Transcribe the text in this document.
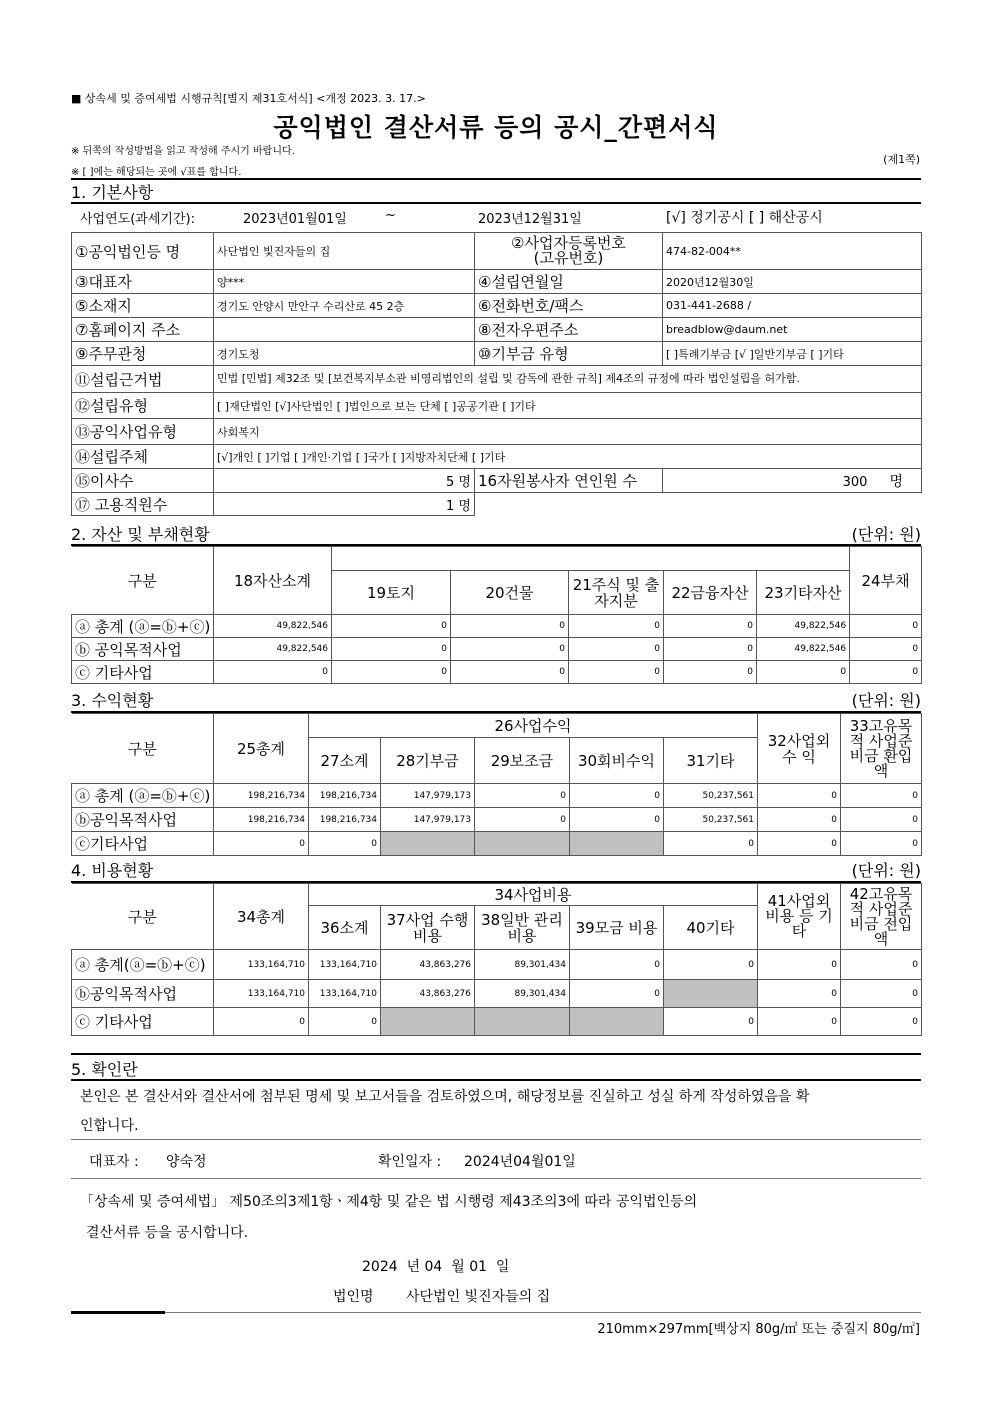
■ 상속세 및 증여세법 시행규칙[별지 제31호서식] <개정 2023. 3. 17.>
공익법인 결산서류 등의 공시_간편서식
※ 뒤쪽의 작성방법을 읽고 작성해 주시기 바랍니다.
※ [ ]에는 해당되는 곳에 √표를 합니다.
(제1쪽)
1. 기본사항
사업연도(과세기간):	2023년01월01일	~	2023년12월31일	[√] 정기공시 [ ] 해산공시
①공익법인등 명	사단법인 빛진자들의 집	②사업자등록번호
(고유번호)	474-82-004**
③대표자	양***	④설립연월일	2020년12월30일
⑤소재지	경기도 안양시 만안구 수리산로 45 2층	⑥전화번호/팩스	031-441-2688 /
⑦홈페이지 주소		⑧전자우편주소	breadblow@daum.net
⑨주무관청	경기도청	⑩기부금 유형	[ ]특례기부금 [√ ]일반기부금 [ ]기타
⑪설립근거법	민법 [민법] 제32조 및 [보건복지부소관 비영리법인의 설립 및 감독에 관한 규칙] 제4조의 규정에 따라 법인설립을 허가함.		
⑫설립유형	[ ]재단법인 [√]사단법인 [ ]법인으로 보는 단체 [ ]공공기관 [ ]기타		
⑬공익사업유형	사회복지		
⑭설립주체	[√]개인 [ ]기업 [ ]개인·기업 [ ]국가 [ ]지방자치단체 [ ]기타		
⑮이사수	5 명	16자원봉사자 연인원 수	300 명
⑰ 고용직원수	1 명		
2. 자산 및 부채현황	(단위: 원)
구분	18자산소계						24부채
		19토지	20건물	21주식 및 출자지분	22금융자산	23기타자산	
ⓐ 총계 (ⓐ=ⓑ+ⓒ)	49,822,546	0	0	0	0	49,822,546	0
ⓑ 공익목적사업	49,822,546	0	0	0	0	49,822,546	0
ⓒ 기타사업	0	0	0	0	0	0	0
3. 수익현황	(단위: 원)
구분	25총계	26사업수익					32사업외수 익	33고유목적 사업준비금 환입액
		27소계	28기부금	29보조금	30회비수익	31기타		
ⓐ 총계 (ⓐ=ⓑ+ⓒ)	198,216,734	198,216,734	147,979,173	0	0	50,237,561	0	0
ⓑ공익목적사업	198,216,734	198,216,734	147,979,173	0	0	50,237,561	0	0
ⓒ기타사업	0	0				0	0	0
4. 비용현황	(단위: 원)
구분	34총계	34사업비용					41사업외 비용 등 기타	42고유목적 사업준비금 전입액
		36소계	37사업 수행비용	38일반 관리비용	39모금 비용	40기타		
ⓐ 총계(ⓐ=ⓑ+ⓒ)	133,164,710	133,164,710	43,863,276	89,301,434	0	0	0	0
ⓑ공익목적사업	133,164,710	133,164,710	43,863,276	89,301,434	0		0	0
ⓒ 기타사업	0	0				0	0	0
5. 확인란
본인은 본 결산서와 결산서에 첨부된 명세 및 보고서들을 검토하였으며, 해당정보를 진실하고 성실 하게 작성하였음을 확
인합니다.
대표자 : 양숙정	확인일자 : 2024년04월01일
「상속세 및 증여세법」 제50조의3제1항ㆍ제4항 및 같은 법 시행령 제43조의3에 따라 공익법인등의
결산서류 등을 공시합니다.
2024  년 04  월 01  일
법인명 사단법인 빛진자들의 집
210mm×297mm[백상지 80g/㎡ 또는 중질지 80g/㎡]
